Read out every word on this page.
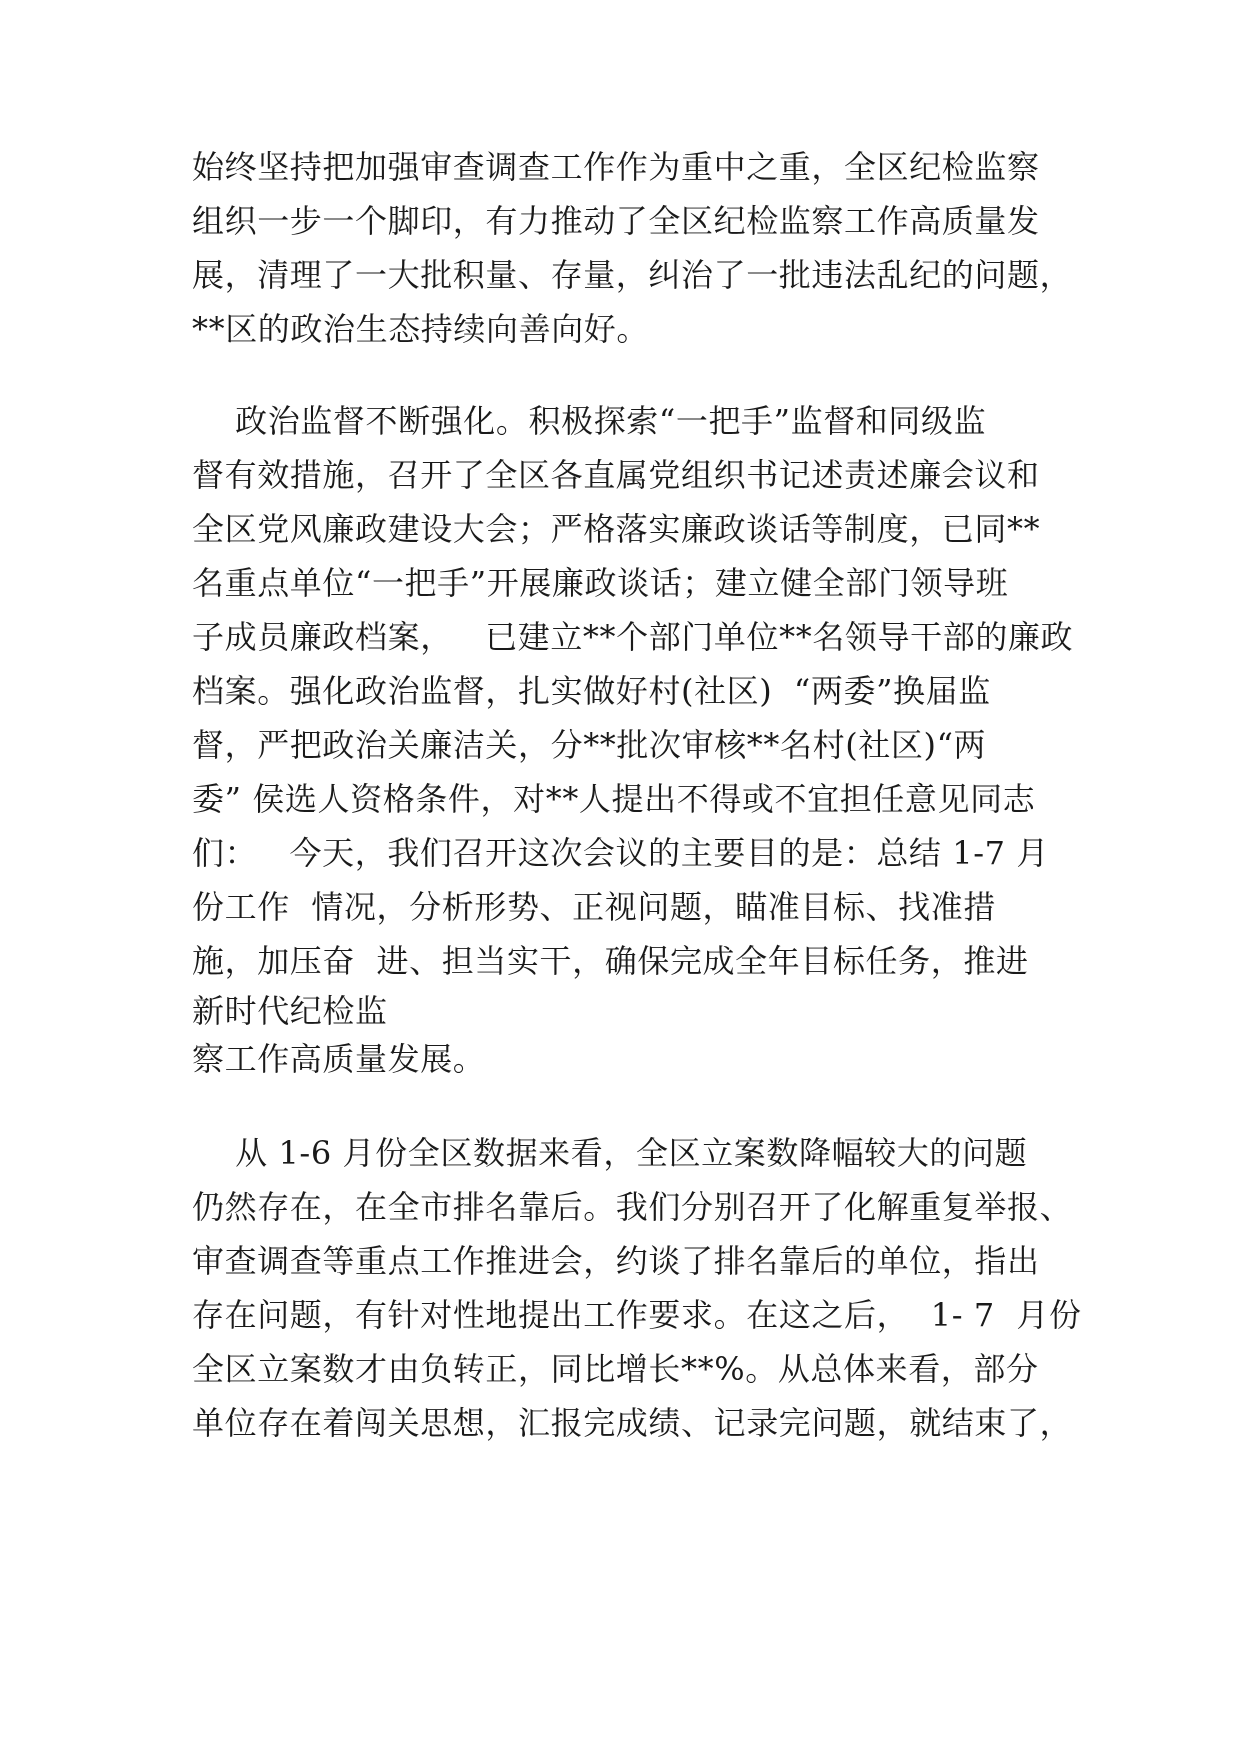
始终坚持把加强审查调查工作作为重中之重，全区纪检监察

组织一步一个脚印，有力推动了全区纪检监察工作高质量发

展，清理了一大批积量、存量，纠治了一批违法乱纪的问题，

**区的政治生态持续向善向好。

政治监督不断强化。积极探索“一把手”监督和同级监

督有效措施，召开了全区各直属党组织书记述责述廉会议和

全区党风廉政建设大会；严格落实廉政谈话等制度，已同**

名重点单位“一把手”开展廉政谈话；建立健全部门领导班

子成员廉政档案，   已建立**个部门单位**名领导干部的廉政

档案。强化政治监督，扎实做好村(社区)  “两委”换届监

督，严把政治关廉洁关，分**批次审核**名村(社区)“两

委” 侯选人资格条件，对**人提出不得或不宜担任意见同志

们：   今天，我们召开这次会议的主要目的是：总结 1-7 月

份工作  情况，分析形势、正视问题，瞄准目标、找准措

施，加压奋  进、担当实干，确保完成全年目标任务，推进

新时代纪检监

察工作高质量发展。

从 1-6 月份全区数据来看，全区立案数降幅较大的问题

仍然存在，在全市排名靠后。我们分别召开了化解重复举报、

审查调查等重点工作推进会，约谈了排名靠后的单位，指出

存在问题，有针对性地提出工作要求。在这之后，  1- 7  月份

全区立案数才由负转正，同比增长**%。从总体来看，部分

单位存在着闯关思想，汇报完成绩、记录完问题，就结束了，
